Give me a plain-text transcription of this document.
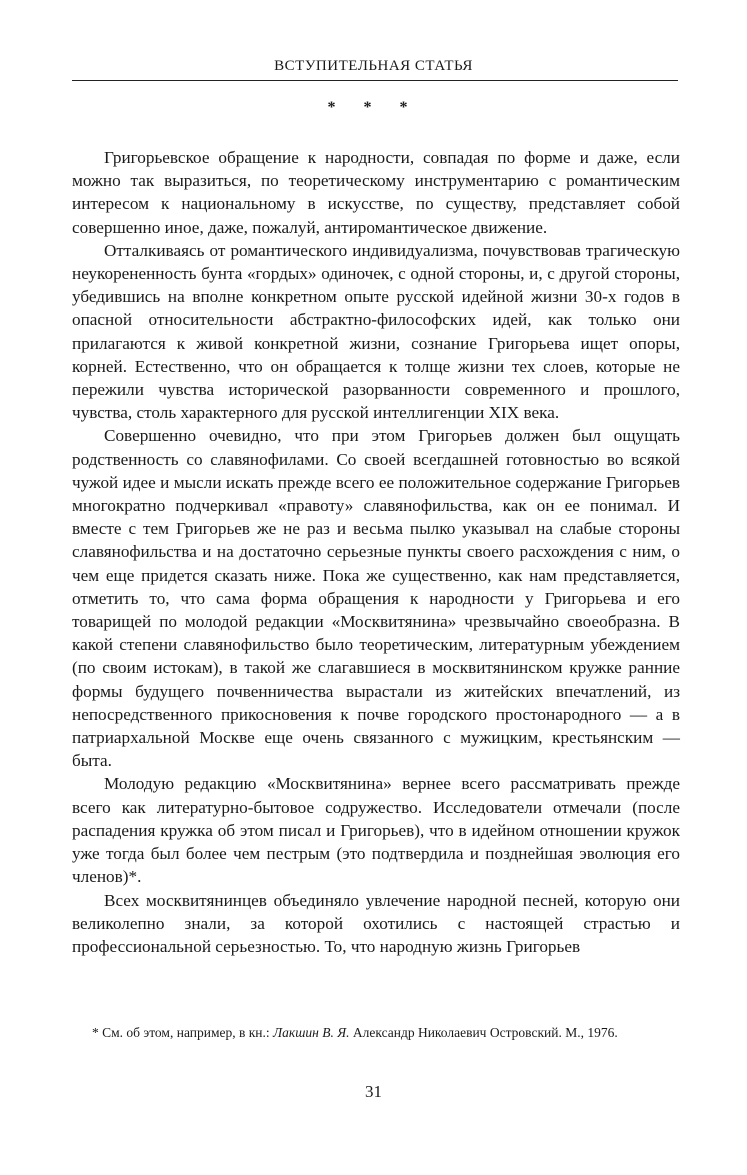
ВСТУПИТЕЛЬНАЯ СТАТЬЯ
* * *

Григорьевское обращение к народности, совпадая по форме и даже, если можно так выразиться, по теоретическому инструментарию с романтическим интересом к национальному в искусстве, по существу, представляет собой совершенно иное, даже, пожалуй, антиромантическое движение.

Отталкиваясь от романтического индивидуализма, почувствовав трагическую неукорененность бунта «гордых» одиночек, с одной стороны, и, с другой стороны, убедившись на вполне конкретном опыте русской идейной жизни 30-х годов в опасной относительности абстрактно-философских идей, как только они прилагаются к живой конкретной жизни, сознание Григорьева ищет опоры, корней. Естественно, что он обращается к толще жизни тех слоев, которые не пережили чувства исторической разорванности современного и прошлого, чувства, столь характерного для русской интеллигенции XIX века.

Совершенно очевидно, что при этом Григорьев должен был ощущать родственность со славянофилами. Со своей всегдашней готовностью во всякой чужой идее и мысли искать прежде всего ее положительное содержание Григорьев многократно подчеркивал «правоту» славянофильства, как он ее понимал. И вместе с тем Григорьев же не раз и весьма пылко указывал на слабые стороны славянофильства и на достаточно серьезные пункты своего расхождения с ним, о чем еще придется сказать ниже. Пока же существенно, как нам представляется, отметить то, что сама форма обращения к народности у Григорьева и его товарищей по молодой редакции «Москвитянина» чрезвычайно своеобразна. В какой степени славянофильство было теоретическим, литературным убеждением (по своим истокам), в такой же слагавшиеся в москвитянинском кружке ранние формы будущего почвенничества вырастали из житейских впечатлений, из непосредственного прикосновения к почве городского простонародного — а в патриархальной Москве еще очень связанного с мужицким, крестьянским — быта.

Молодую редакцию «Москвитянина» вернее всего рассматривать прежде всего как литературно-бытовое содружество. Исследователи отмечали (после распадения кружка об этом писал и Григорьев), что в идейном отношении кружок уже тогда был более чем пестрым (это подтвердила и позднейшая эволюция его членов)*.

Всех москвитянинцев объединяло увлечение народной песней, которую они великолепно знали, за которой охотились с настоящей страстью и профессиональной серьезностью. То, что народную жизнь Григорьев

* См. об этом, например, в кн.: Лакшин В. Я. Александр Николаевич Островский. М., 1976.
31
